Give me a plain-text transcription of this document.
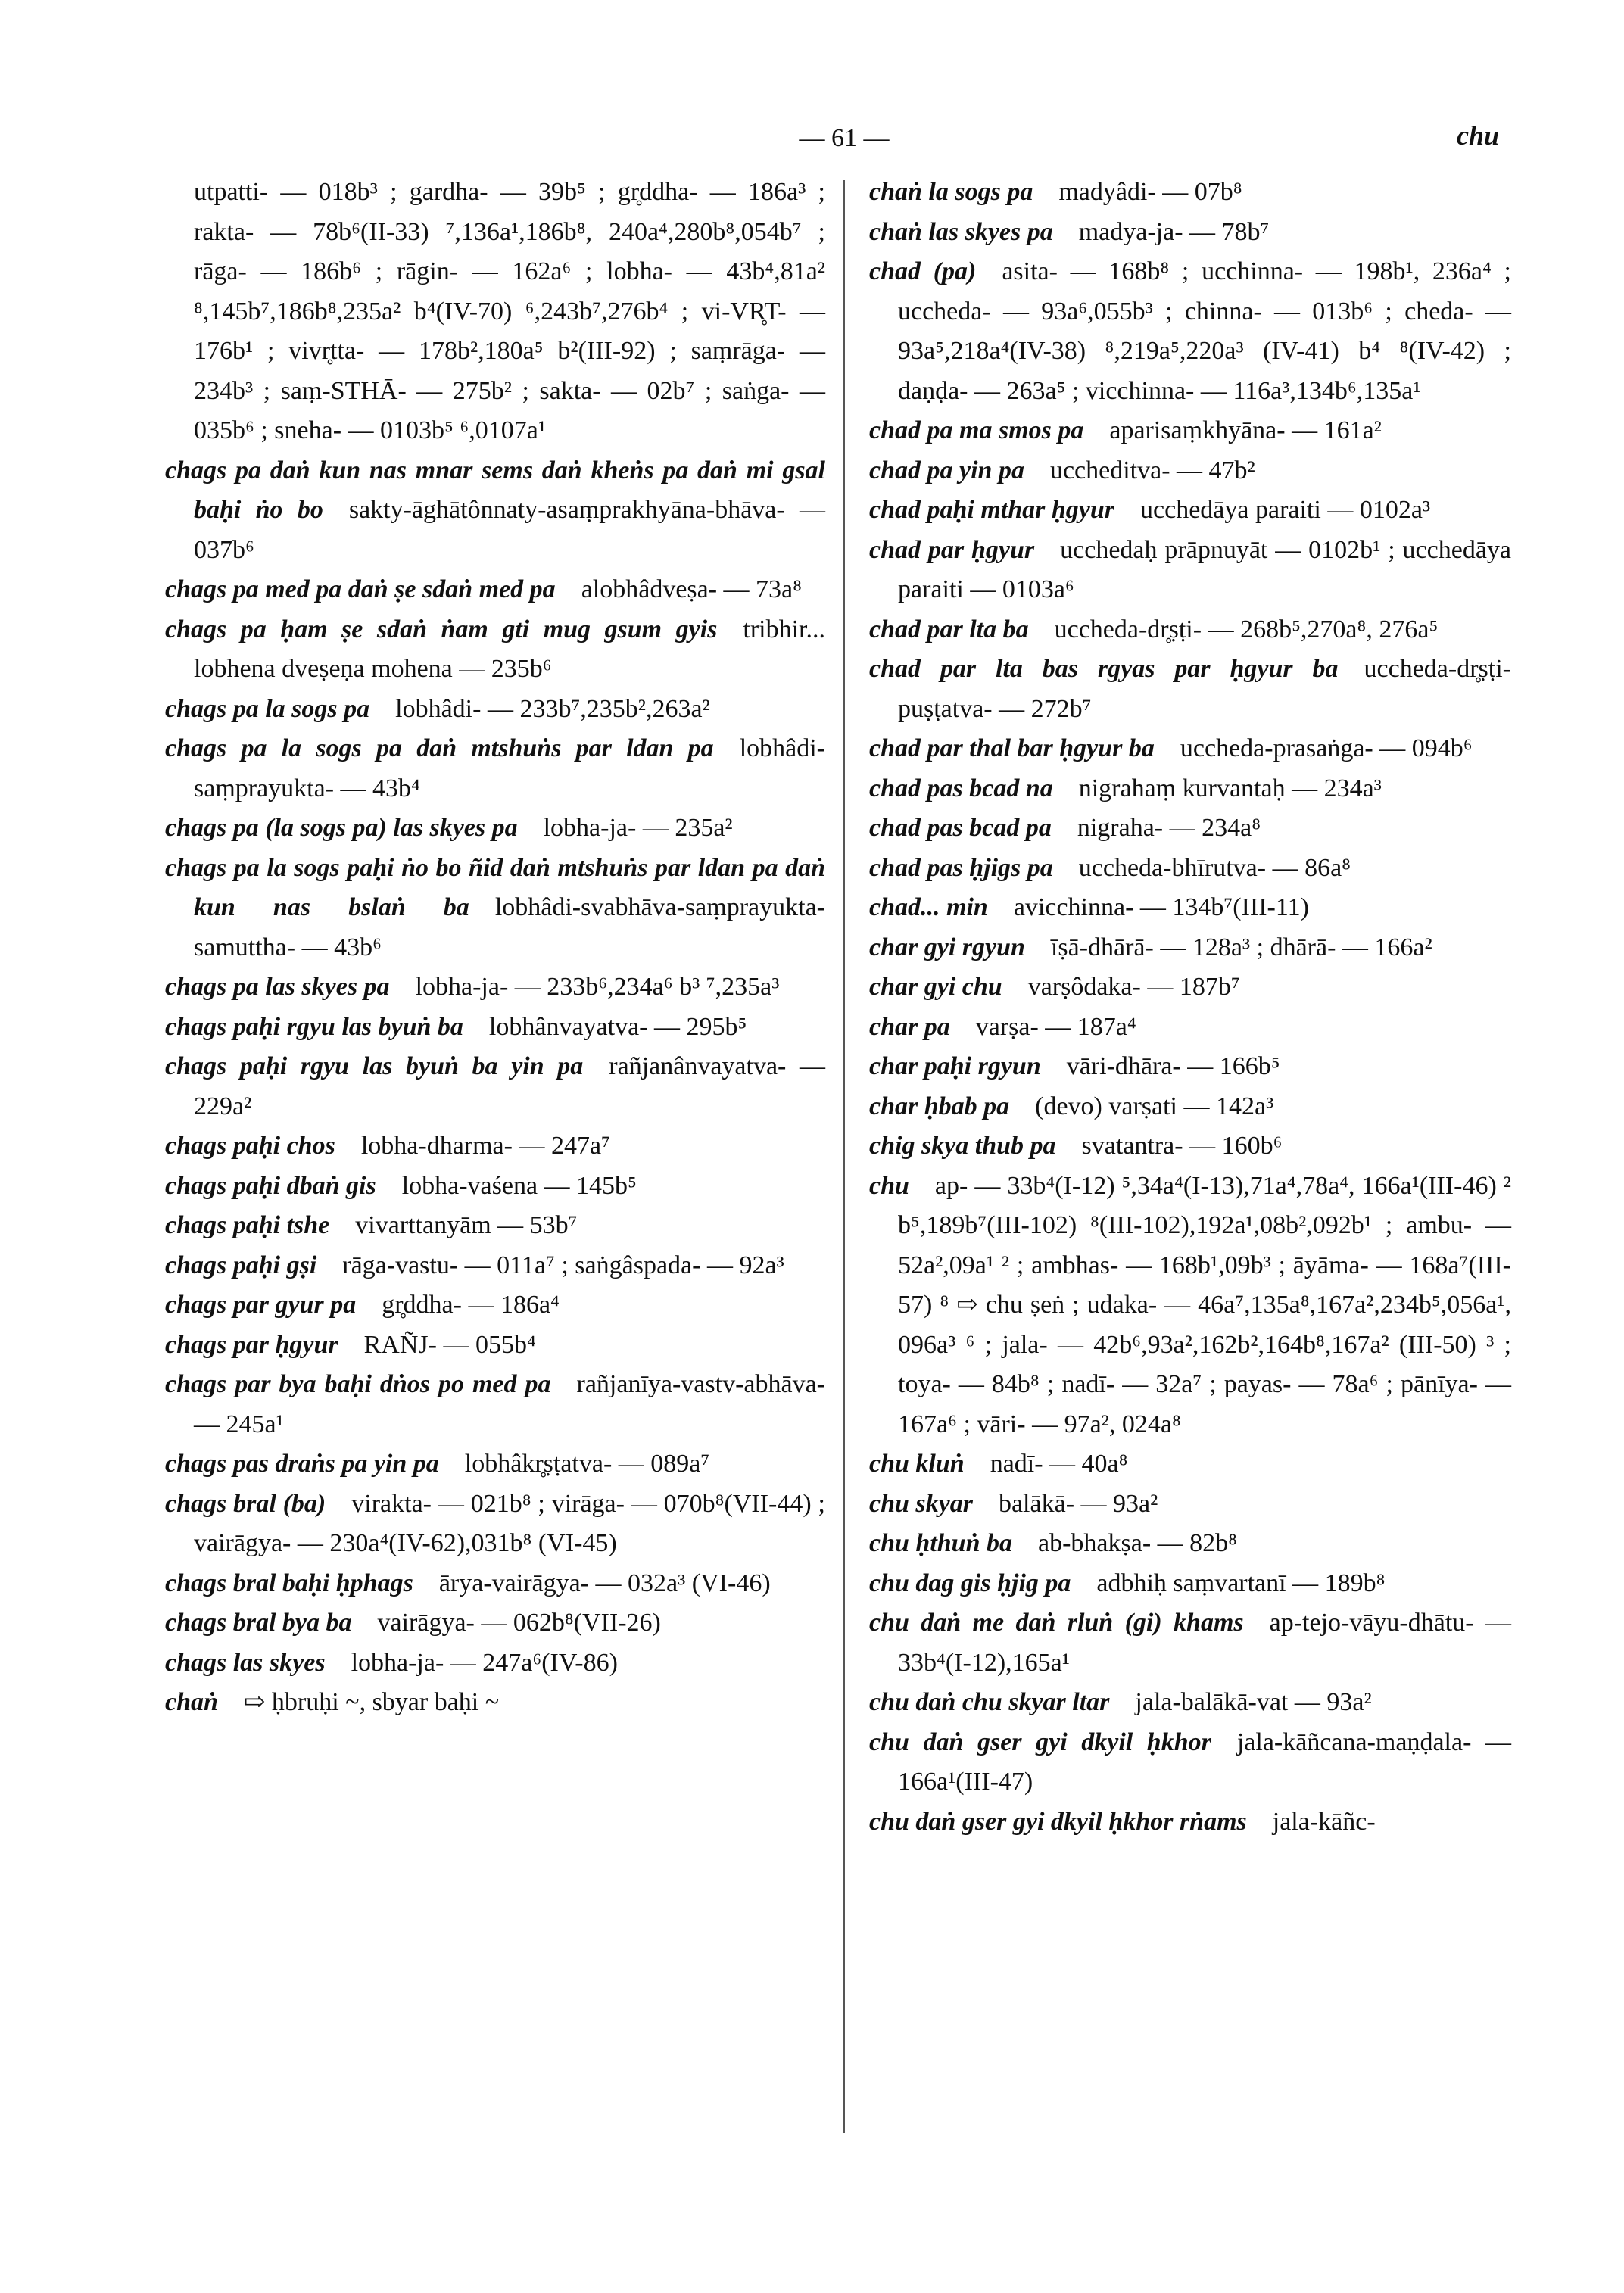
— 61 —	chu

utpatti- — 018b³ ; gardha- — 39b⁵ ; gr̥ddha- — 186a³ ; rakta- — 78b⁶(II-33) ⁷,136a¹,186b⁸, 240a⁴,280b⁸,054b⁷ ; rāga- — 186b⁶ ; rāgin- — 162a⁶ ; lobha- — 43b⁴,81a² ⁸,145b⁷,186b⁸,235a² b⁴(IV-70) ⁶,243b⁷,276b⁴ ; vi-VR̥T- — 176b¹ ; vivr̥tta- — 178b²,180a⁵ b²(III-92) ; saṃrāga- — 234b³ ; saṃ-STHĀ- — 275b² ; sakta- — 02b⁷ ; saṅga- — 035b⁶ ; sneha- — 0103b⁵ ⁶,0107a¹

chags pa daṅ kun nas mnar sems daṅ kheṅs pa daṅ mi gsal baḥi ṅo bo  sakty-āghātônnaty-asaṃprakhyāna-bhāva- — 037b⁶

chags pa med pa daṅ ṣe sdaṅ med pa  alobhâdveṣa- — 73a⁸

chags pa ḥam ṣe sdaṅ ṅam gti mug gsum gyis  tribhir... lobhena dveṣeṇa mohena — 235b⁶

chags pa la sogs pa  lobhâdi- — 233b⁷,235b²,263a²

chags pa la sogs pa daṅ mtshuṅs par ldan pa  lobhâdi-saṃprayukta- — 43b⁴

chags pa (la sogs pa) las skyes pa  lobha-ja- — 235a²

chags pa la sogs paḥi ṅo bo ñid daṅ mtshuṅs par ldan pa daṅ kun nas bslaṅ ba  lobhâdi-svabhāva-saṃprayukta-samuttha- — 43b⁶

chags pa las skyes pa  lobha-ja- — 233b⁶,234a⁶ b³ ⁷,235a³

chags paḥi rgyu las byuṅ ba  lobhânvayatva- — 295b⁵

chags paḥi rgyu las byuṅ ba yin pa  rañjanânvayatva- — 229a²

chags paḥi chos  lobha-dharma- — 247a⁷

chags paḥi dbaṅ gis  lobha-vaśena — 145b⁵

chags paḥi tshe  vivarttanyām — 53b⁷

chags paḥi gṣi  rāga-vastu- — 011a⁷ ; saṅgâspada- — 92a³

chags par gyur pa  gr̥ddha- — 186a⁴

chags par ḥgyur  RAÑJ- — 055b⁴

chags par bya baḥi dṅos po med pa  rañjanīya-vastv-abhāva- — 245a¹

chags pas draṅs pa yin pa  lobhâkr̥ṣṭatva- — 089a⁷

chags bral (ba)  virakta- — 021b⁸ ; virāga- — 070b⁸(VII-44) ; vairāgya- — 230a⁴(IV-62),031b⁸ (VI-45)

chags bral baḥi ḥphags  ārya-vairāgya- — 032a³ (VI-46)

chags bral bya ba  vairāgya- — 062b⁸(VII-26)

chags las skyes  lobha-ja- — 247a⁶(IV-86)

chaṅ  ⇨ ḥbruḥi ~, sbyar baḥi ~

chaṅ la sogs pa  madyâdi- — 07b⁸

chaṅ las skyes pa  madya-ja- — 78b⁷

chad (pa)  asita- — 168b⁸ ; ucchinna- — 198b¹, 236a⁴ ; uccheda- — 93a⁶,055b³ ; chinna- — 013b⁶ ; cheda- — 93a⁵,218a⁴(IV-38) ⁸,219a⁵,220a³ (IV-41) b⁴ ⁸(IV-42) ; daṇḍa- — 263a⁵ ; vicchinna- — 116a³,134b⁶,135a¹

chad pa ma smos pa  aparisaṃkhyāna- — 161a²

chad pa yin pa  uccheditva- — 47b²

chad paḥi mthar ḥgyur  ucchedāya paraiti — 0102a³

chad par ḥgyur  ucchedaḥ prāpnuyāt — 0102b¹ ; ucchedāya paraiti — 0103a⁶

chad par lta ba  uccheda-dr̥ṣṭi- — 268b⁵,270a⁸, 276a⁵

chad par lta bas rgyas par ḥgyur ba  uccheda-dr̥ṣṭi-puṣṭatva- — 272b⁷

chad par thal bar ḥgyur ba  uccheda-prasaṅga- — 094b⁶

chad pas bcad na  nigrahaṃ kurvantaḥ — 234a³

chad pas bcad pa  nigraha- — 234a⁸

chad pas ḥjigs pa  uccheda-bhīrutva- — 86a⁸

chad... min  avicchinna- — 134b⁷(III-11)

char gyi rgyun  īṣā-dhārā- — 128a³ ; dhārā- — 166a²

char gyi chu  varṣôdaka- — 187b⁷

char pa  varṣa- — 187a⁴

char paḥi rgyun  vāri-dhāra- — 166b⁵

char ḥbab pa  (devo) varṣati — 142a³

chig skya thub pa  svatantra- — 160b⁶

chu  ap- — 33b⁴(I-12) ⁵,34a⁴(I-13),71a⁴,78a⁴, 166a¹(III-46) ² b⁵,189b⁷(III-102) ⁸(III-102),192a¹,08b²,092b¹ ; ambu- — 52a²,09a¹ ² ; ambhas- — 168b¹,09b³ ; āyāma- — 168a⁷(III-57) ⁸ ⇨ chu ṣeṅ ; udaka- — 46a⁷,135a⁸,167a²,234b⁵,056a¹, 096a³ ⁶ ; jala- — 42b⁶,93a²,162b²,164b⁸,167a² (III-50) ³ ; toya- — 84b⁸ ; nadī- — 32a⁷ ; payas- — 78a⁶ ; pānīya- — 167a⁶ ; vāri- — 97a², 024a⁸

chu kluṅ  nadī- — 40a⁸

chu skyar  balākā- — 93a²

chu ḥthuṅ ba  ab-bhakṣa- — 82b⁸

chu dag gis ḥjig pa  adbhiḥ saṃvartanī — 189b⁸

chu daṅ me daṅ rluṅ (gi) khams  ap-tejo-vāyu-dhātu- — 33b⁴(I-12),165a¹

chu daṅ chu skyar ltar  jala-balākā-vat — 93a²

chu daṅ gser gyi dkyil ḥkhor  jala-kāñcana-maṇḍala- — 166a¹(III-47)

chu daṅ gser gyi dkyil ḥkhor rṅams  jala-kāñc-
